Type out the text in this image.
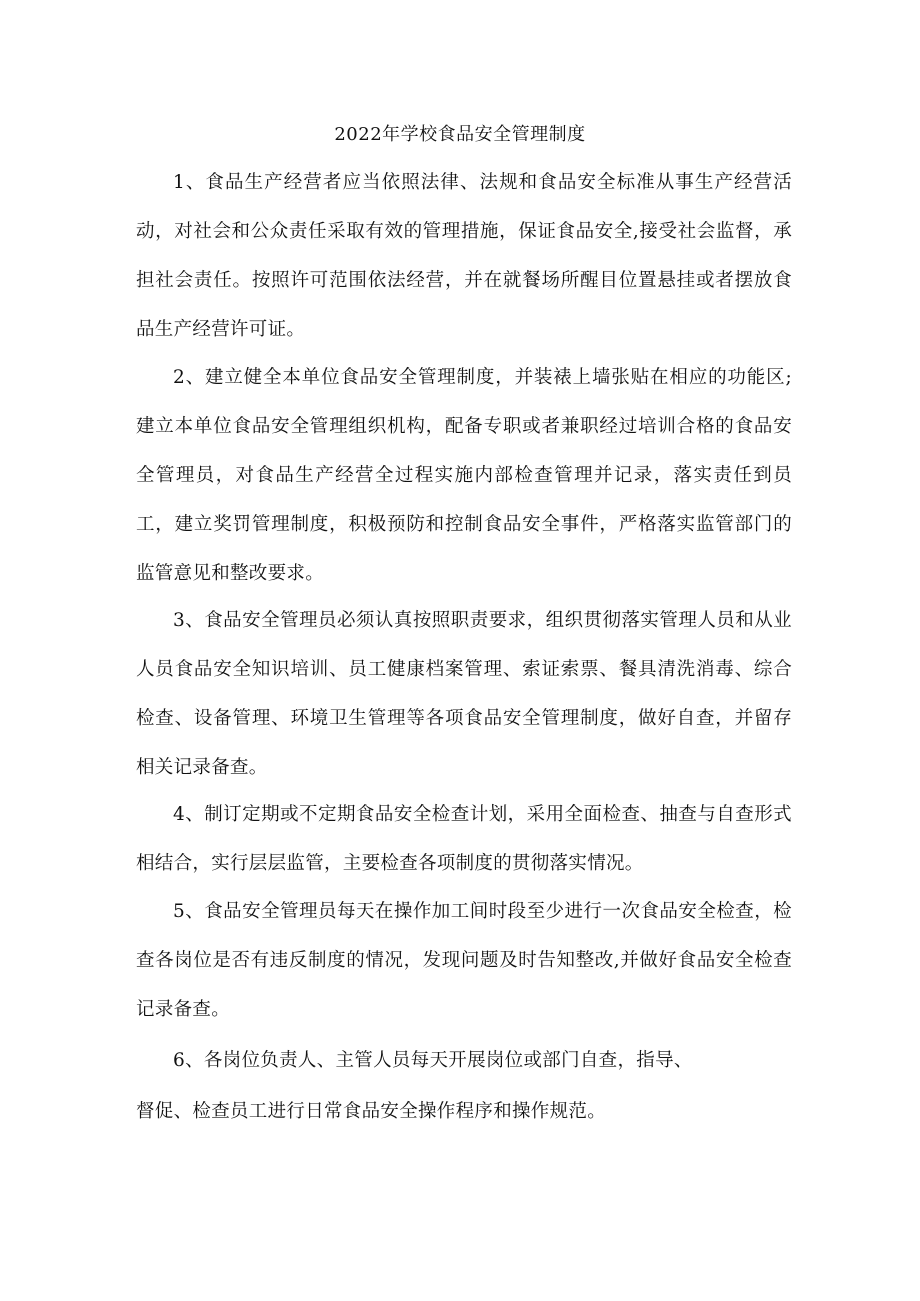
2022年学校食品安全管理制度

1、食品生产经营者应当依照法律、法规和食品安全标准从事生产经营活动，对社会和公众责任采取有效的管理措施，保证食品安全,接受社会监督，承担社会责任。按照许可范围依法经营，并在就餐场所醒目位置悬挂或者摆放食品生产经营许可证。

2、建立健全本单位食品安全管理制度，并装裱上墙张贴在相应的功能区;建立本单位食品安全管理组织机构，配备专职或者兼职经过培训合格的食品安全管理员，对食品生产经营全过程实施内部检查管理并记录，落实责任到员工，建立奖罚管理制度，积极预防和控制食品安全事件，严格落实监管部门的监管意见和整改要求。

3、食品安全管理员必须认真按照职责要求，组织贯彻落实管理人员和从业人员食品安全知识培训、员工健康档案管理、索证索票、餐具清洗消毒、综合检查、设备管理、环境卫生管理等各项食品安全管理制度，做好自查，并留存相关记录备查。

4、制订定期或不定期食品安全检查计划，采用全面检查、抽查与自查形式相结合，实行层层监管，主要检查各项制度的贯彻落实情况。

5、食品安全管理员每天在操作加工间时段至少进行一次食品安全检查，检查各岗位是否有违反制度的情况，发现问题及时告知整改,并做好食品安全检查记录备查。

6、各岗位负责人、主管人员每天开展岗位或部门自查，指导、
督促、检查员工进行日常食品安全操作程序和操作规范。
